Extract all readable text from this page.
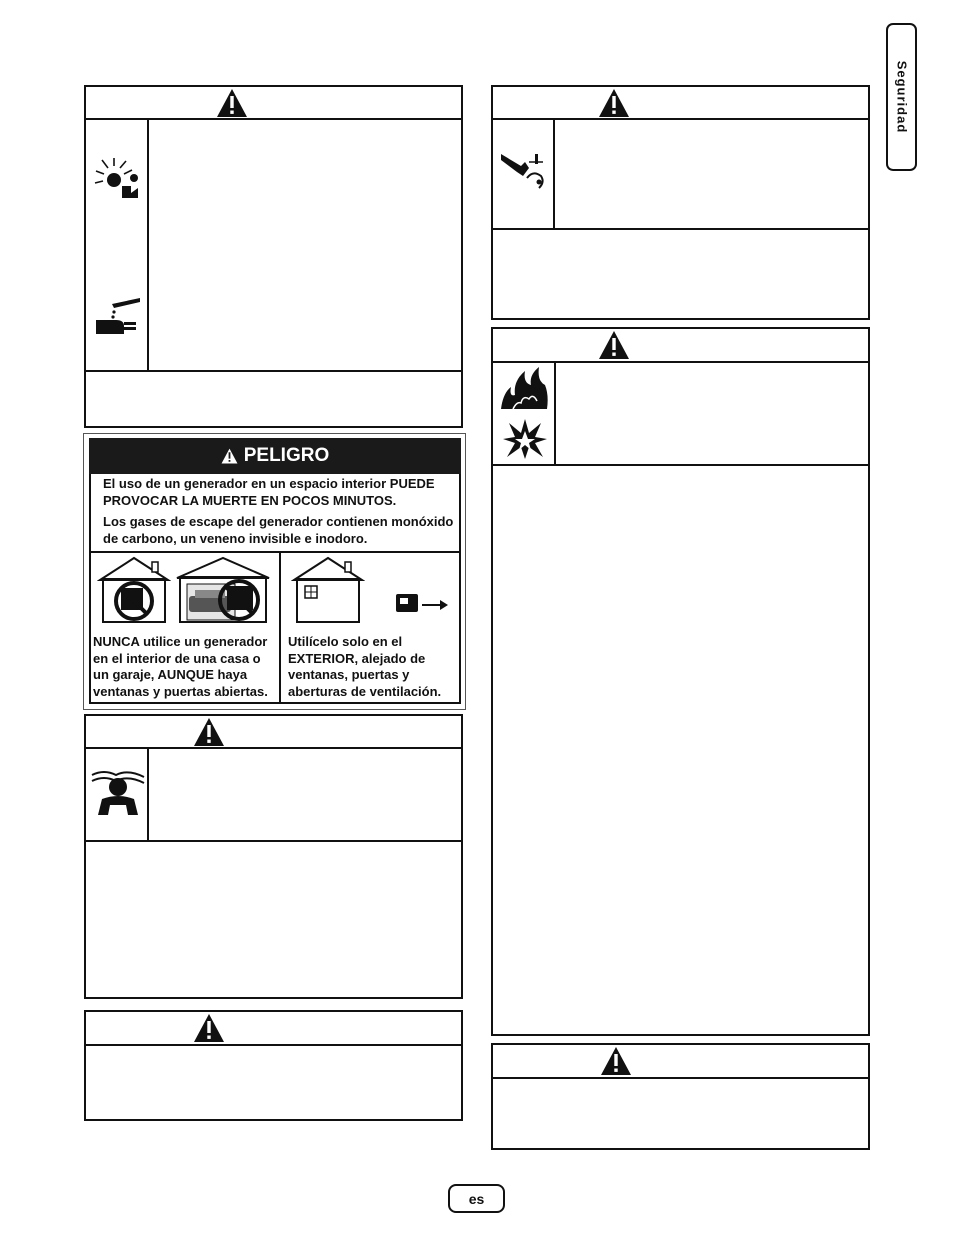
Seguridad
PELIGRO
El uso de un generador en un espacio interior PUEDE PROVOCAR LA MUERTE EN POCOS MINUTOS.
Los gases de escape del generador contienen monóxido de carbono, un veneno invisible e inodoro.
NUNCA utilice un generador en el interior de una casa o un garaje, AUNQUE haya ventanas y puertas abiertas.
Utilícelo solo en el EXTERIOR, alejado de ventanas, puertas y aberturas de ventilación.
es
